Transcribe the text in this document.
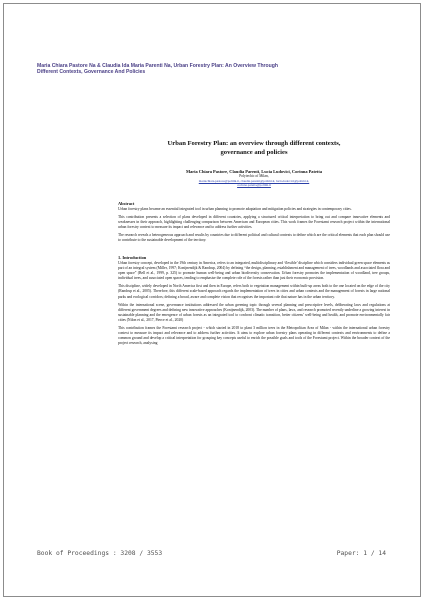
Maria Chiara Pastore Na & Claudia Ida Maria Parenti Na, Urban Forestry Plan: An Overview Through
Different Contexts, Governance And Policies
Urban Forestry Plan: an overview through different contexts, governance and policies
Maria Chiara Pastore, Claudia Parenti, Lucia Ludovici, Corinna Patetta
Polytechic of Milan,
mariachiara.pastore@polimi.it, claudia.parenti@polimi.it, lucia.ludovici@polimi.it,
corinna.patetta@polimi.it
Abstract

Urban forestry plans became an essential integrated tool in urban planning to promote adaptation and mitigation policies and strategies in contemporary cities.

This contribution presents a selection of plans developed in different countries, applying a structured critical interpretation to bring out and compare innovative elements and weaknesses in their approach, highlighting challenging comparison between American and European cities. This work frames the Forestami research project within the international urban forestry context to measure its impact and relevance and to address further activities.

The research reveals a heterogeneous approach and results by countries due to different political and cultural contexts to define which are the critical elements that each plan should use to contribute to the sustainable development of the territory.

1. Introduction

Urban forestry concept, developed in the 19th century in America, refers to an integrated, multidisciplinary and ‘flexible’ discipline which considers individual green space elements as part of an integral system (Miller, 1997; Konijnendijk & Randrup, 2004) by defining “the design, planning, establishment and management of trees, woodlands and associated flora and open space” (Bell et al., 1999, p. 325) to promote human well-being and urban biodiversity conservation. Urban forestry promotes the implementation of woodland, tree groups, individual trees, and associated open spaces, tending to emphasise the complete role of the forests rather than just their economic provision.

This discipline, widely developed in North America first and then in Europe, refers both to vegetation management within built-up areas both to the one located on the edge of the city (Randrup et al., 2005). Therefore, this different scale-based approach regards the implementation of trees in cities and urban contexts and the management of forests in large national parks and ecological corridors; defining a broad, aware and complete vision that recognises the important role that nature has in the urban territory.

Within the international scene, governance institutions addressed the urban greening topic through several planning and prescriptive levels, deliberating laws and regulations at different government degrees and defining new innovative approaches (Konijnendijk, 2003). The number of plans, laws, and research promoted recently underline a growing interest in sustainable planning and the emergence of urban forests as an integrated tool to confront climatic transition, better citizens’ well-being and health, and promote environmentally fair cities (Nilon et al., 2017, Pierce et al., 2020)

This contribution frames the Forestami research project - which started in 2018 to plant 3 million trees in the Metropolitan Area of Milan - within the international urban forestry context to measure its impact and relevance and to address further activities. It aims to explore urban forestry plans operating in different contexts and environments to define a common ground and develop a critical interpretation for grouping key concepts useful to enrich the possible goals and tools of the Forestami project. Within the broader context of the project research, analysing

Book of Proceedings : 3208 / 3553	Paper: 1 / 14
